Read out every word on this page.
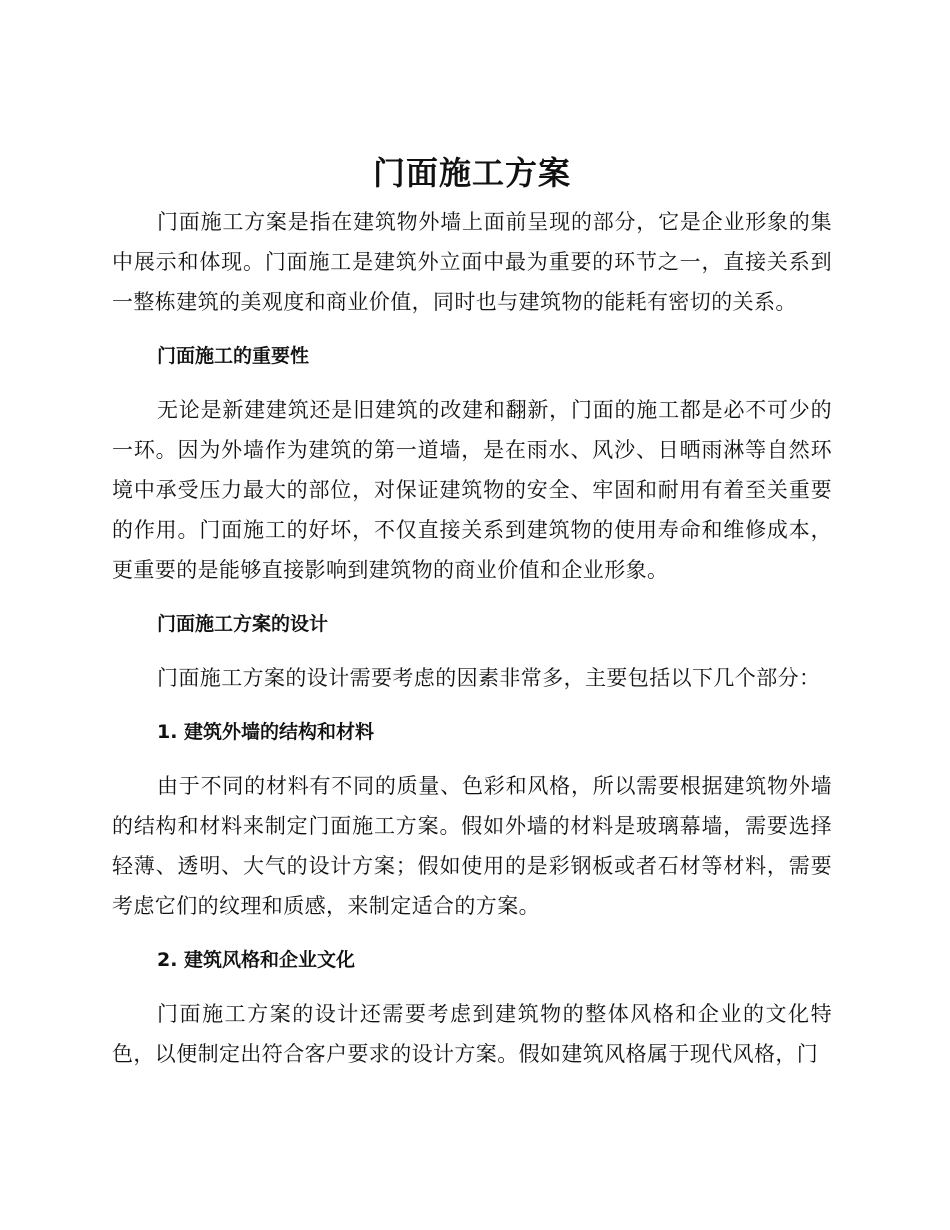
门面施工方案

门面施工方案是指在建筑物外墙上面前呈现的部分，它是企业形象的集中展示和体现。门面施工是建筑外立面中最为重要的环节之一，直接关系到一整栋建筑的美观度和商业价值，同时也与建筑物的能耗有密切的关系。

门面施工的重要性

无论是新建建筑还是旧建筑的改建和翻新，门面的施工都是必不可少的一环。因为外墙作为建筑的第一道墙，是在雨水、风沙、日晒雨淋等自然环境中承受压力最大的部位，对保证建筑物的安全、牢固和耐用有着至关重要的作用。门面施工的好坏，不仅直接关系到建筑物的使用寿命和维修成本，更重要的是能够直接影响到建筑物的商业价值和企业形象。

门面施工方案的设计

门面施工方案的设计需要考虑的因素非常多，主要包括以下几个部分：

1. 建筑外墙的结构和材料

由于不同的材料有不同的质量、色彩和风格，所以需要根据建筑物外墙的结构和材料来制定门面施工方案。假如外墙的材料是玻璃幕墙，需要选择轻薄、透明、大气的设计方案；假如使用的是彩钢板或者石材等材料，需要考虑它们的纹理和质感，来制定适合的方案。

2. 建筑风格和企业文化

门面施工方案的设计还需要考虑到建筑物的整体风格和企业的文化特色，以便制定出符合客户要求的设计方案。假如建筑风格属于现代风格，门
